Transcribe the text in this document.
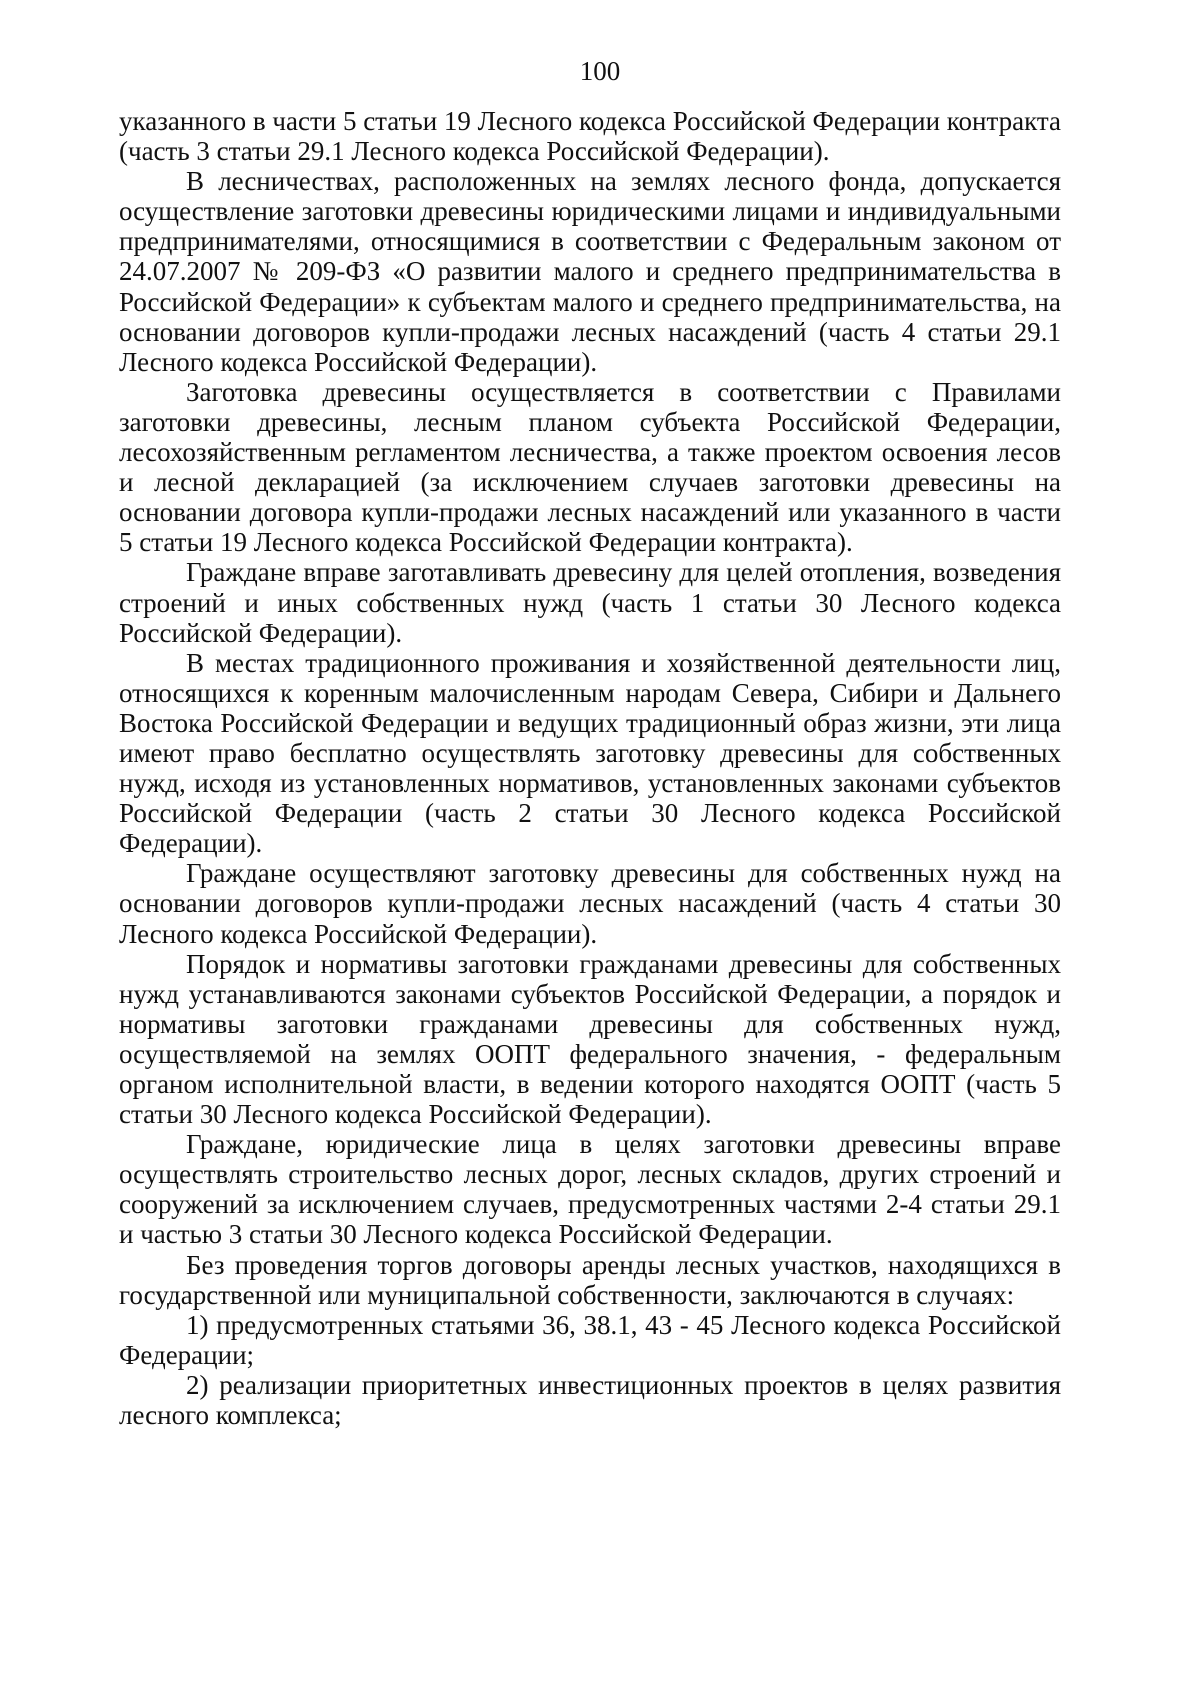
100

указанного в части 5 статьи 19 Лесного кодекса Российской Федерации контракта (часть 3 статьи 29.1 Лесного кодекса Российской Федерации).

В лесничествах, расположенных на землях лесного фонда, допускается осуществление заготовки древесины юридическими лицами и индивидуальными предпринимателями, относящимися в соответствии с Федеральным законом от 24.07.2007 № 209-ФЗ «О развитии малого и среднего предпринимательства в Российской Федерации» к субъектам малого и среднего предпринимательства, на основании договоров купли-продажи лесных насаждений (часть 4 статьи 29.1 Лесного кодекса Российской Федерации).

Заготовка древесины осуществляется в соответствии с Правилами заготовки древесины, лесным планом субъекта Российской Федерации, лесохозяйственным регламентом лесничества, а также проектом освоения лесов и лесной декларацией (за исключением случаев заготовки древесины на основании договора купли-продажи лесных насаждений или указанного в части 5 статьи 19 Лесного кодекса Российской Федерации контракта).

Граждане вправе заготавливать древесину для целей отопления, возведения строений и иных собственных нужд (часть 1 статьи 30 Лесного кодекса Российской Федерации).

В местах традиционного проживания и хозяйственной деятельности лиц, относящихся к коренным малочисленным народам Севера, Сибири и Дальнего Востока Российской Федерации и ведущих традиционный образ жизни, эти лица имеют право бесплатно осуществлять заготовку древесины для собственных нужд, исходя из установленных нормативов, установленных законами субъектов Российской Федерации (часть 2 статьи 30 Лесного кодекса Российской Федерации).

Граждане осуществляют заготовку древесины для собственных нужд на основании договоров купли-продажи лесных насаждений (часть 4 статьи 30 Лесного кодекса Российской Федерации).

Порядок и нормативы заготовки гражданами древесины для собственных нужд устанавливаются законами субъектов Российской Федерации, а порядок и нормативы заготовки гражданами древесины для собственных нужд, осуществляемой на землях ООПТ федерального значения, - федеральным органом исполнительной власти, в ведении которого находятся ООПТ (часть 5 статьи 30 Лесного кодекса Российской Федерации).

Граждане, юридические лица в целях заготовки древесины вправе осуществлять строительство лесных дорог, лесных складов, других строений и сооружений за исключением случаев, предусмотренных частями 2-4 статьи 29.1 и частью 3 статьи 30 Лесного кодекса Российской Федерации.

Без проведения торгов договоры аренды лесных участков, находящихся в государственной или муниципальной собственности, заключаются в случаях:

1) предусмотренных статьями 36, 38.1, 43 - 45 Лесного кодекса Российской Федерации;

2) реализации приоритетных инвестиционных проектов в целях развития лесного комплекса;
